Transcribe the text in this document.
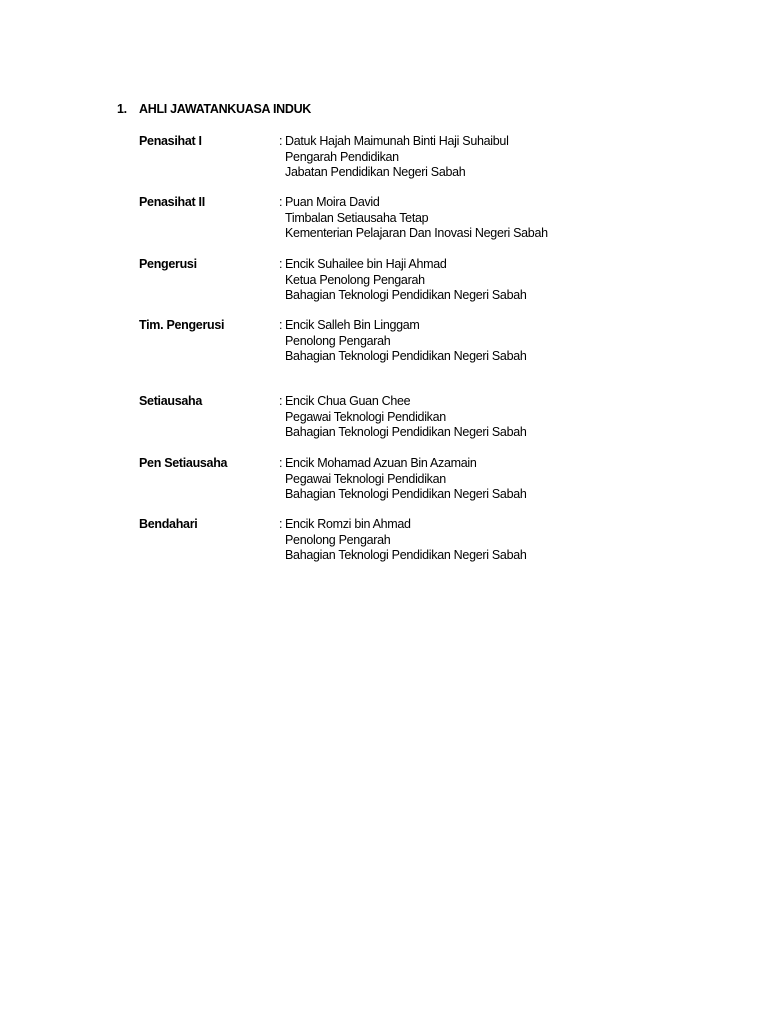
1. AHLI JAWATANKUASA INDUK
Penasihat I	: Datuk Hajah Maimunah Binti Haji Suhaibul
Pengarah Pendidikan
Jabatan Pendidikan Negeri Sabah
Penasihat II	: Puan Moira David
Timbalan Setiausaha Tetap
Kementerian Pelajaran Dan Inovasi Negeri Sabah
Pengerusi	: Encik Suhailee bin Haji Ahmad
Ketua Penolong Pengarah
Bahagian Teknologi Pendidikan Negeri Sabah
Tim. Pengerusi	: Encik Salleh Bin Linggam
Penolong Pengarah
Bahagian Teknologi Pendidikan Negeri Sabah
Setiausaha	: Encik Chua Guan Chee
Pegawai Teknologi Pendidikan
Bahagian Teknologi Pendidikan Negeri Sabah
Pen Setiausaha	: Encik Mohamad Azuan Bin Azamain
Pegawai Teknologi Pendidikan
Bahagian Teknologi Pendidikan Negeri Sabah
Bendahari	: Encik Romzi bin Ahmad
Penolong Pengarah
Bahagian Teknologi Pendidikan Negeri Sabah
